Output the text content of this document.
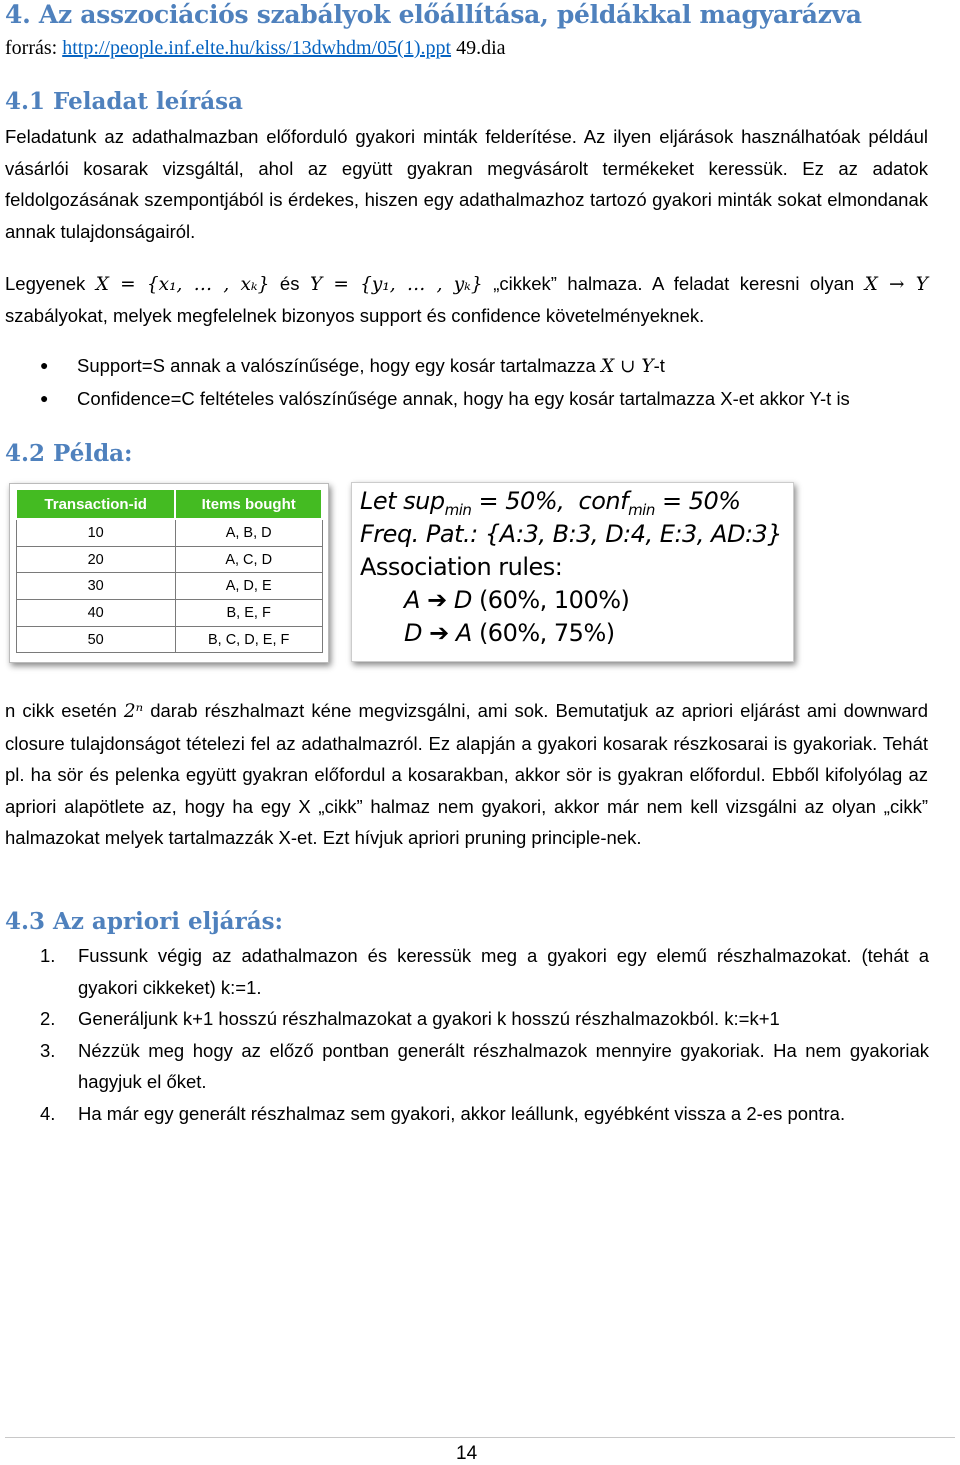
4. Az asszociációs szabályok előállítása, példákkal magyarázva
forrás: http://people.inf.elte.hu/kiss/13dwhdm/05(1).ppt 49.dia
4.1 Feladat leírása
Feladatunk az adathalmazban előforduló gyakori minták felderítése. Az ilyen eljárások használhatóak például vásárlói kosarak vizsgáltál, ahol az együtt gyakran megvásárolt termékeket keressük. Ez az adatok feldolgozásának szempontjából is érdekes, hiszen egy adathalmazhoz tartozó gyakori minták sokat elmondanak annak tulajdonságairól.
Legyenek X = {x₁, … , xₖ} és Y = {y₁, … , yₖ} „cikkek” halmaza. A feladat keresni olyan X → Y
szabályokat, melyek megfelelnek bizonyos support és confidence követelményeknek.
● Support=S annak a valószínűsége, hogy egy kosár tartalmazza X ∪ Y-t
● Confidence=C feltételes valószínűsége annak, hogy ha egy kosár tartalmazza X-et akkor Y-t is
4.2 Példa:
Transaction-id	Items bought
10	A, B, D
20	A, C, D
30	A, D, E
40	B, E, F
50	B, C, D, E, F
Let sup$_{min}$ = 50%,  conf$_{min}$ = 50%
Freq. Pat.: {A:3, B:3, D:4, E:3, AD:3}
Association rules:
A ➔ D (60%, 100%)
D ➔ A (60%, 75%)
n cikk esetén 2ⁿ darab részhalmazt kéne megvizsgálni, ami sok. Bemutatjuk az apriori eljárást ami downward closure tulajdonságot tételezi fel az adathalmazról. Ez alapján a gyakori kosarak részkosarai is gyakoriak. Tehát pl. ha sör és pelenka együtt gyakran előfordul a kosarakban, akkor sör is gyakran előfordul. Ebből kifolyólag az apriori alapötlete az, hogy ha egy X „cikk” halmaz nem gyakori, akkor már nem kell vizsgálni az olyan „cikk” halmazokat melyek tartalmazzák X-et. Ezt hívjuk apriori pruning principle-nek.
4.3 Az apriori eljárás:
1. Fussunk végig az adathalmazon és keressük meg a gyakori egy elemű részhalmazokat. (tehát a gyakori cikkeket) k:=1.
2. Generáljunk k+1 hosszú részhalmazokat a gyakori k hosszú részhalmazokból. k:=k+1
3. Nézzük meg hogy az előző pontban generált részhalmazok mennyire gyakoriak. Ha nem gyakoriak hagyjuk el őket.
4. Ha már egy generált részhalmaz sem gyakori, akkor leállunk, egyébként vissza a 2-es pontra.
14
